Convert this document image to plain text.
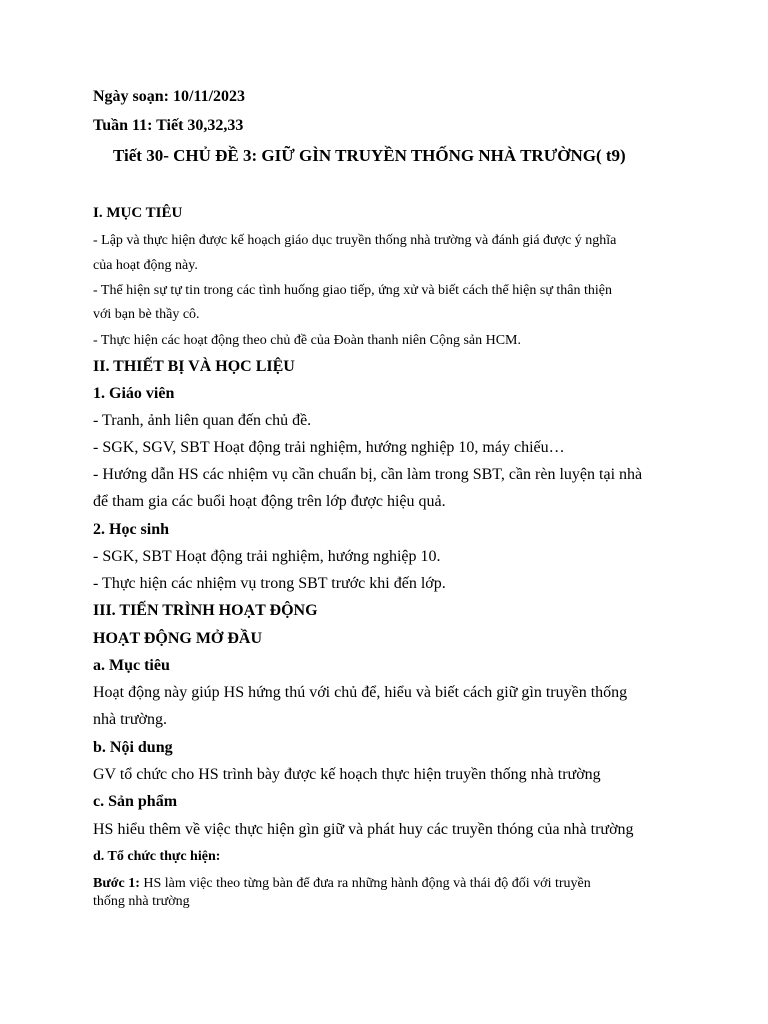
Ngày soạn: 10/11/2023
Tuần 11: Tiết 30,32,33
Tiết 30- CHỦ ĐỀ 3: GIỮ GÌN TRUYỀN THỐNG NHÀ TRƯỜNG( t9)
I. MỤC TIÊU
- Lập và thực hiện được kế hoạch giáo dục truyền thống nhà trường và đánh giá được ý nghĩa
của hoạt động này.
- Thể hiện sự tự tin trong các tình huống giao tiếp, ứng xử và biết cách thể hiện sự thân thiện
với bạn bè thầy cô.
- Thực hiện các hoạt động theo chủ đề của Đoàn thanh niên Cộng sản HCM.
II. THIẾT BỊ VÀ HỌC LIỆU
1. Giáo viên
- Tranh, ảnh liên quan đến chủ đề.
- SGK, SGV, SBT Hoạt động trải nghiệm, hướng nghiệp 10, máy chiếu…
- Hướng dẫn HS các nhiệm vụ cần chuẩn bị, cần làm trong SBT, cần rèn luyện tại nhà
để tham gia các buổi hoạt động trên lớp được hiệu quả.
2. Học sinh
- SGK, SBT Hoạt động trải nghiệm, hướng nghiệp 10.
- Thực hiện các nhiệm vụ trong SBT trước khi đến lớp.
III. TIẾN TRÌNH HOẠT ĐỘNG
HOẠT ĐỘNG MỞ ĐẦU
a. Mục tiêu
Hoạt động này giúp HS hứng thú với chủ để, hiểu và biết cách giữ gìn truyền thống
nhà trường.
b. Nội dung
GV tổ chức cho HS trình bày được kế hoạch thực hiện truyền thống nhà trường
c. Sản phẩm
HS hiểu thêm về việc thực hiện gìn giữ và phát huy các truyền thóng của nhà trường
d. Tổ chức thực hiện:
Bước 1: HS làm việc theo từng bàn để đưa ra những hành động và thái độ đối với truyền
thống nhà trường
